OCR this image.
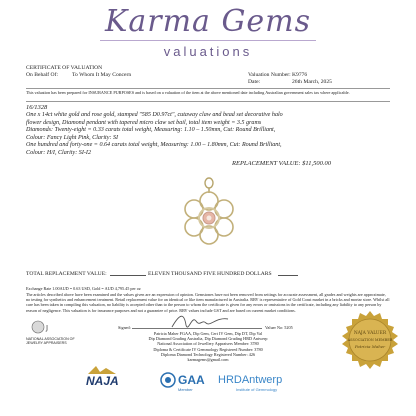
Karma Gems
valuations
CERTIFICATE OF VALUATION
On Behalf Of: To Whom It May Concern	Valuation Number: K9776
Date:	26th March, 2025
This valuation has been prepared for INSURANCE PURPOSES and is based on a valuation of the item at the above mentioned date including Australian government sales tax where applicable.
16/1328
One x 14ct white gold and rose gold, stamped "585 D0.97ct", cutaway claw and bead set decorative halo
flower design, Diamond pendant with tapered micro claw set bail, total item weight = 3.5 grams
Diamonds: Twenty-eight = 0.33 carats total weight, Measuring: 1.10 – 1.50mm, Cut: Round Brilliant,
Colour: Fancy Light Pink, Clarity: SI
One hundred and forty-one = 0.64 carats total weight, Measuring: 1.00 – 1.80mm, Cut: Round Brilliant,
Colour: H/I, Clarity: SI-I2
REPLACEMENT VALUE: $11,500.00
TOTAL REPLACEMENT VALUE:	ELEVEN THOUSAND FIVE HUNDRED DOLLARS
Exchange Rate 1.00AUD = 0.63 USD, Gold = AUD 4,795.45 per oz
The articles described above have been examined and the values given are an expression of opinion. Gemstones have not been removed from settings for accurate assessment, all grades and weights are approximate, no testing for synthetics and enhancement treatment. Retail replacement value for an identical or like item manufactured in Australia. RRV is representative of Gold Coast market in a bricks and mortar store. Whilst all care has been taken in compiling this valuation, no liability is accepted other than to the person to whom the certificate is given for any errors or omissions in the certificate, including any liability to any person by reason of negligence. This valuation is for insurance purposes and not a guarantee of price. RRV values include GST and are based on current market conditions.
Signed:	Valuer No: 5205
Patricia Maher FGAA, Dip Gem, Cert IV Gem, Dip DT, Dip Val
Dip Diamond Grading Australia, Dip Diamond Grading HRD Antwerp
National Association of Jewellery Appraisers Member: 3780
Diploma & Certificate IV Gemmology Registered Number: 3780
Diploma Diamond Technology Registered Number: 426
karmagems@gmail.com
J
NATIONAL ASSOCIATION OF JEWELRY APPRAISERS
NAJA	GAA
Member
HRDAntwerp
Institute of Gemmology
NAJA VALUER
ASSOCIATION MEMBER
Patricia Maher
